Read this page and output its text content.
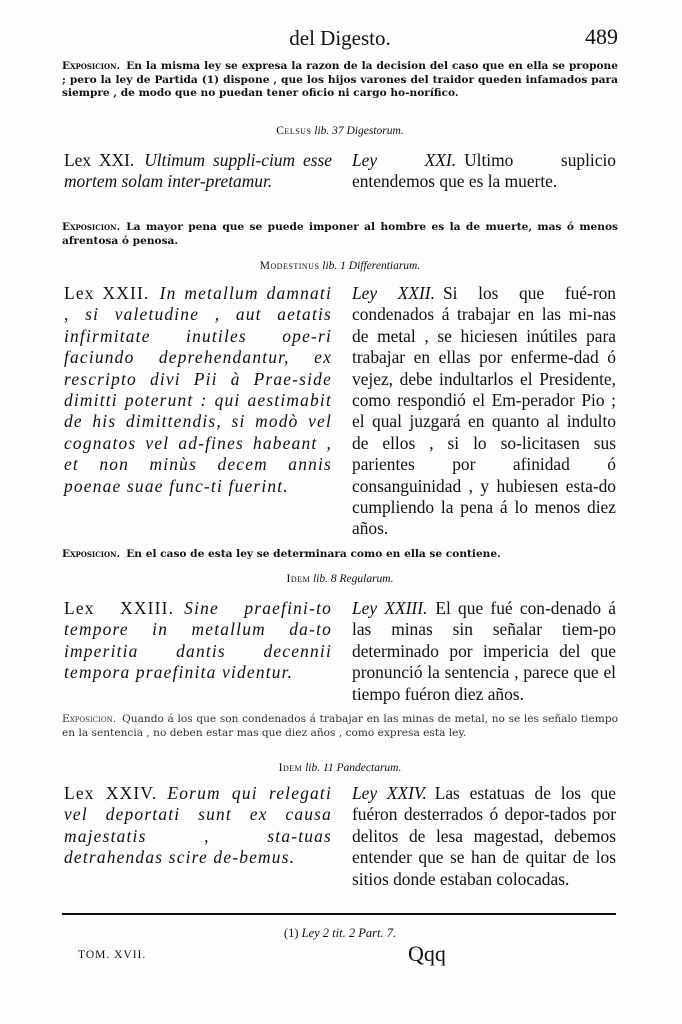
del Digesto.	489
Exposicion. En la misma ley se expresa la razon de la decision del caso que en ella se propone ; pero la ley de Partida (1) dispone , que los hijos varones del traidor queden infamados para siempre , de modo que no puedan tener oficio ni cargo ho-norífico.
Celsus lib. 37 Digestorum.
Lex XXI. Ultimum suppli-cium esse mortem solam inter-pretamur.
Ley XXI. Ultimo suplicio entendemos que es la muerte.
Exposicion. La mayor pena que se puede imponer al hombre es la de muerte, mas ó menos afrentosa ó penosa.
Modestinus lib. 1 Differentiarum.
Lex XXII. In metallum damnati , si valetudine , aut aetatis infirmitate inutiles ope-ri faciundo deprehendantur, ex rescripto divi Pii à Prae-side dimitti poterunt : qui aestimabit de his dimittendis, si modò vel cognatos vel ad-fines habeant , et non minùs decem annis poenae suae func-ti fuerint.
Ley XXII. Si los que fué-ron condenados á trabajar en las mi-nas de metal , se hiciesen inútiles para trabajar en ellas por enferme-dad ó vejez, debe indultarlos el Presidente, como respondió el Em-perador Pio ; el qual juzgará en quanto al indulto de ellos , si lo so-licitasen sus parientes por afinidad ó consanguinidad , y hubiesen esta-do cumpliendo la pena á lo menos diez años.
Exposicion. En el caso de esta ley se determinara como en ella se contiene.
Idem lib. 8 Regularum.
Lex XXIII. Sine praefini-to tempore in metallum da-to imperitia dantis decennii tempora praefinita videntur.
Ley XXIII. El que fué con-denado á las minas sin señalar tiem-po determinado por impericia del que pronunció la sentencia , parece que el tiempo fuéron diez años.
Exposicion. Quando á los que son condenados á trabajar en las minas de metal, no se les señalo tiempo en la sentencia , no deben estar mas que diez años , como expresa esta ley.
Idem lib. 11 Pandectarum.
Lex XXIV. Eorum qui relegati vel deportati sunt ex causa majestatis , sta-tuas detrahendas scire de-bemus.
Ley XXIV. Las estatuas de los que fuéron desterrados ó depor-tados por delitos de lesa magestad, debemos entender que se han de quitar de los sitios donde estaban colocadas.
(1) Ley 2 tit. 2 Part. 7.
TOM. XVII.	Qqq
